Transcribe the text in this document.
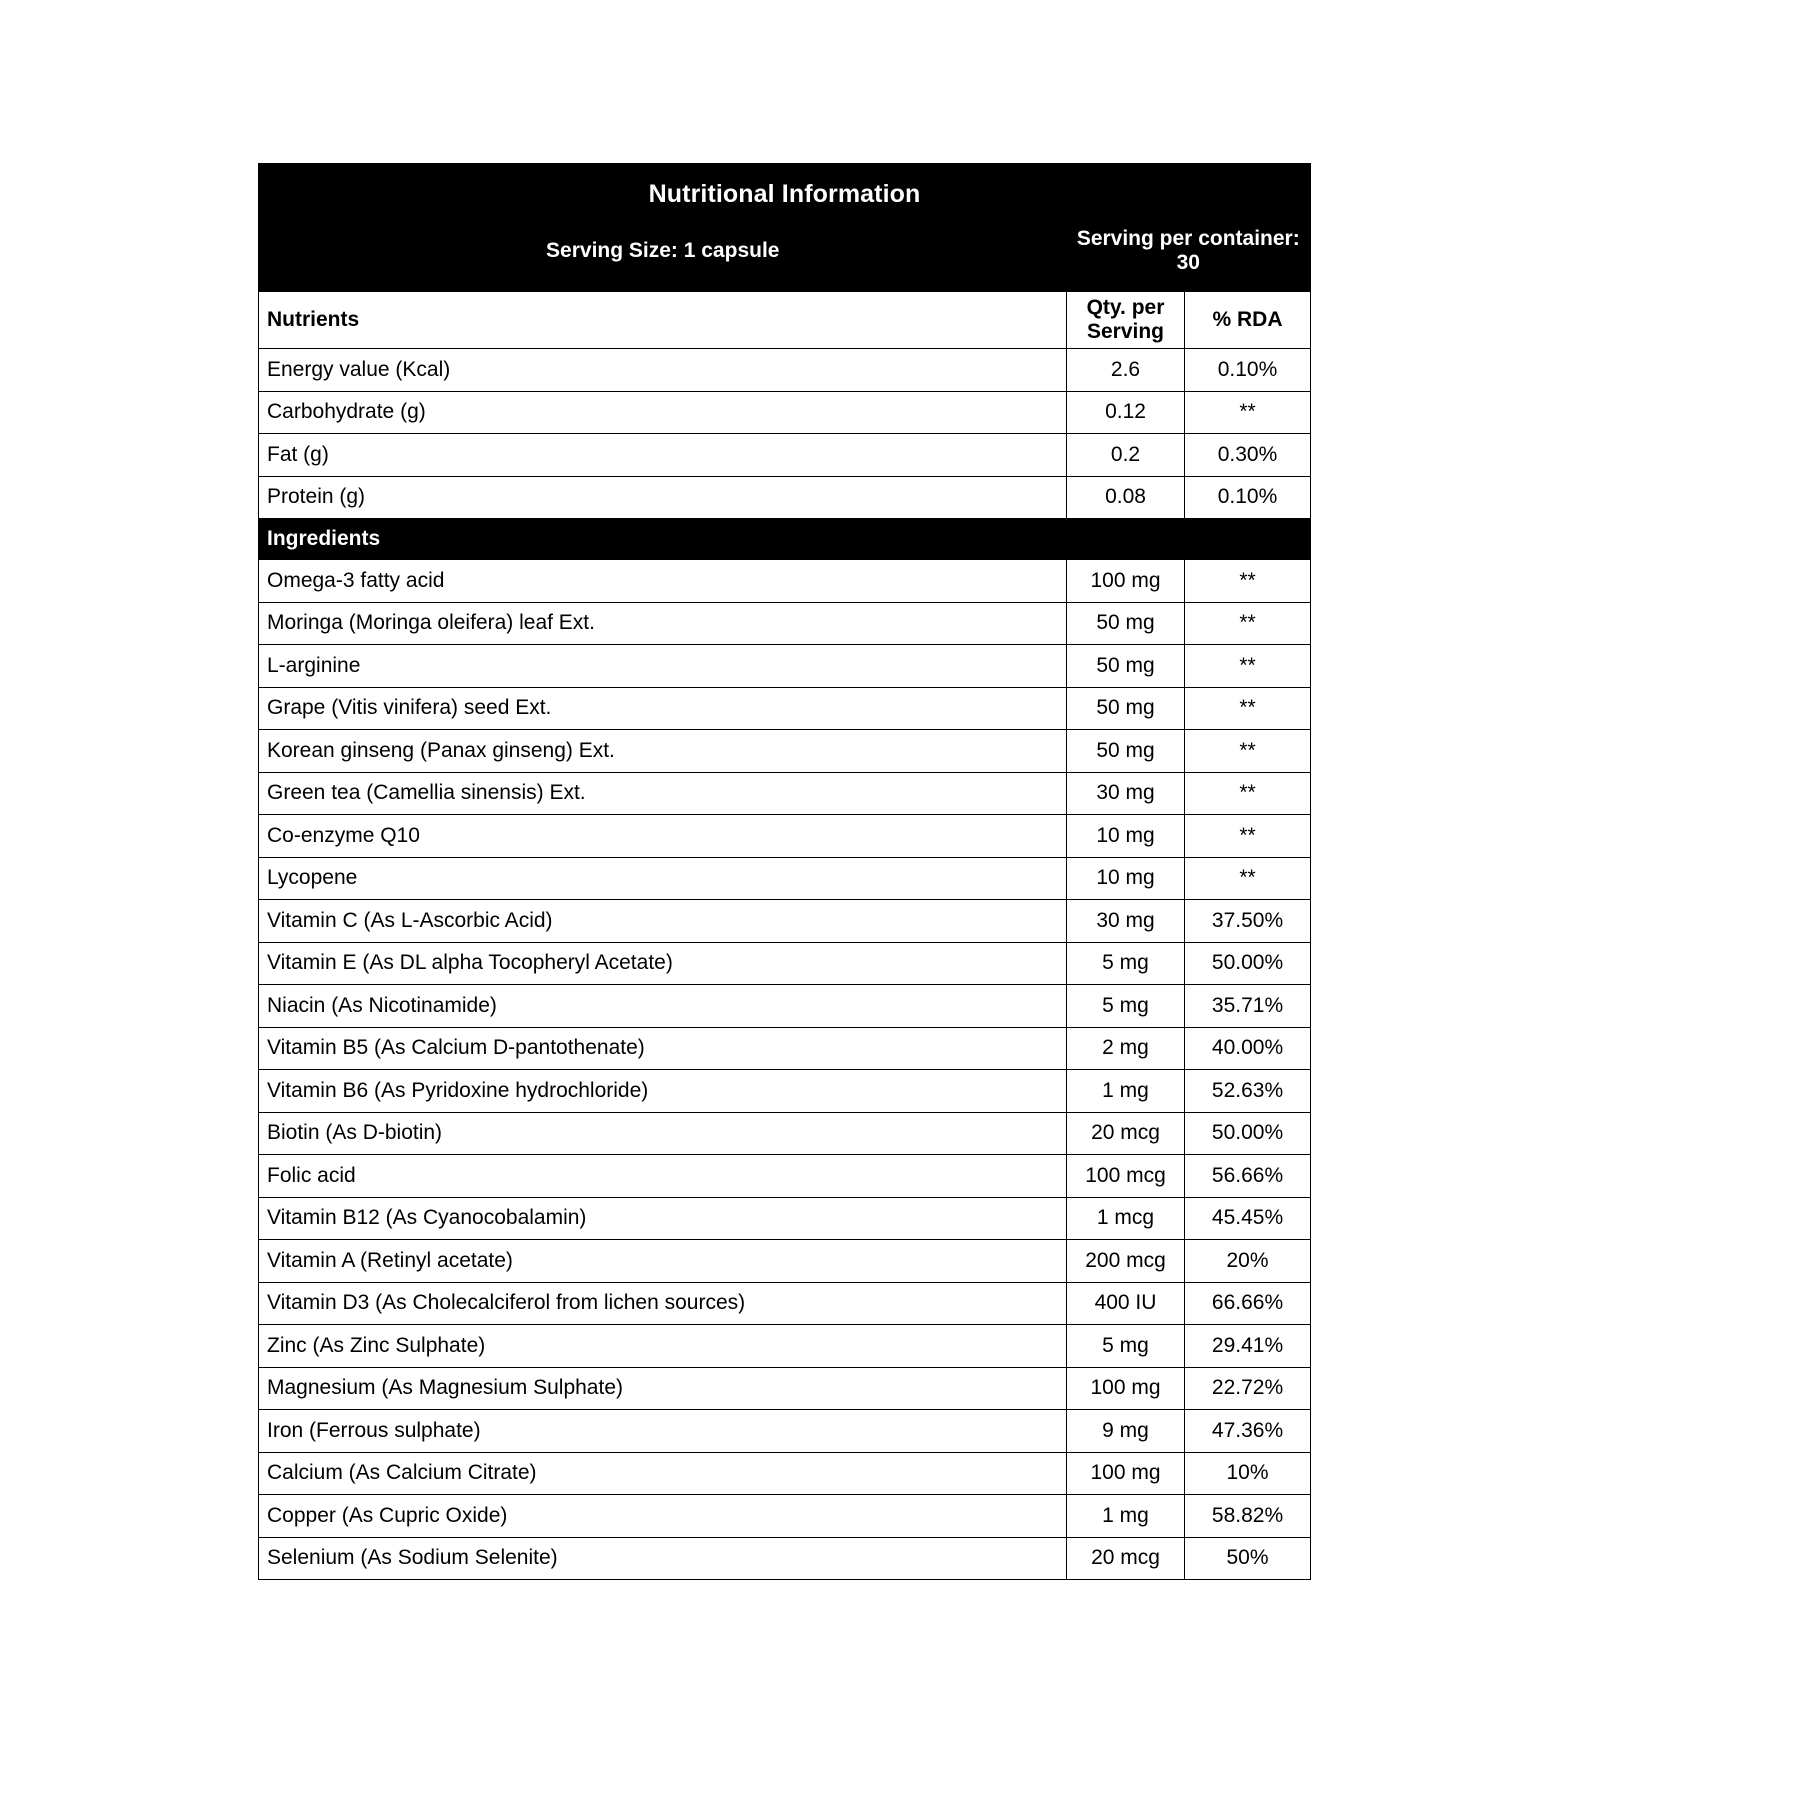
Nutritional Information		
Serving Size: 1 capsule	Serving per container: 30	
Nutrients	Qty. per Serving	% RDA
Energy value (Kcal)	2.6	0.10%
Carbohydrate (g)	0.12	**
Fat (g)	0.2	0.30%
Protein (g)	0.08	0.10%
Ingredients		
Omega-3 fatty acid	100 mg	**
Moringa (Moringa oleifera) leaf Ext.	50 mg	**
L-arginine	50 mg	**
Grape (Vitis vinifera) seed Ext.	50 mg	**
Korean ginseng (Panax ginseng) Ext.	50 mg	**
Green tea (Camellia sinensis) Ext.	30 mg	**
Co-enzyme Q10	10 mg	**
Lycopene	10 mg	**
Vitamin C (As L-Ascorbic Acid)	30 mg	37.50%
Vitamin E (As DL alpha Tocopheryl Acetate)	5 mg	50.00%
Niacin (As Nicotinamide)	5 mg	35.71%
Vitamin B5 (As Calcium D-pantothenate)	2 mg	40.00%
Vitamin B6 (As Pyridoxine hydrochloride)	1 mg	52.63%
Biotin (As D-biotin)	20 mcg	50.00%
Folic acid	100 mcg	56.66%
Vitamin B12 (As Cyanocobalamin)	1 mcg	45.45%
Vitamin A (Retinyl acetate)	200 mcg	20%
Vitamin D3 (As Cholecalciferol from lichen sources)	400 IU	66.66%
Zinc (As Zinc Sulphate)	5 mg	29.41%
Magnesium (As Magnesium Sulphate)	100 mg	22.72%
Iron (Ferrous sulphate)	9 mg	47.36%
Calcium (As Calcium Citrate)	100 mg	10%
Copper (As Cupric Oxide)	1 mg	58.82%
Selenium (As Sodium Selenite)	20 mcg	50%
